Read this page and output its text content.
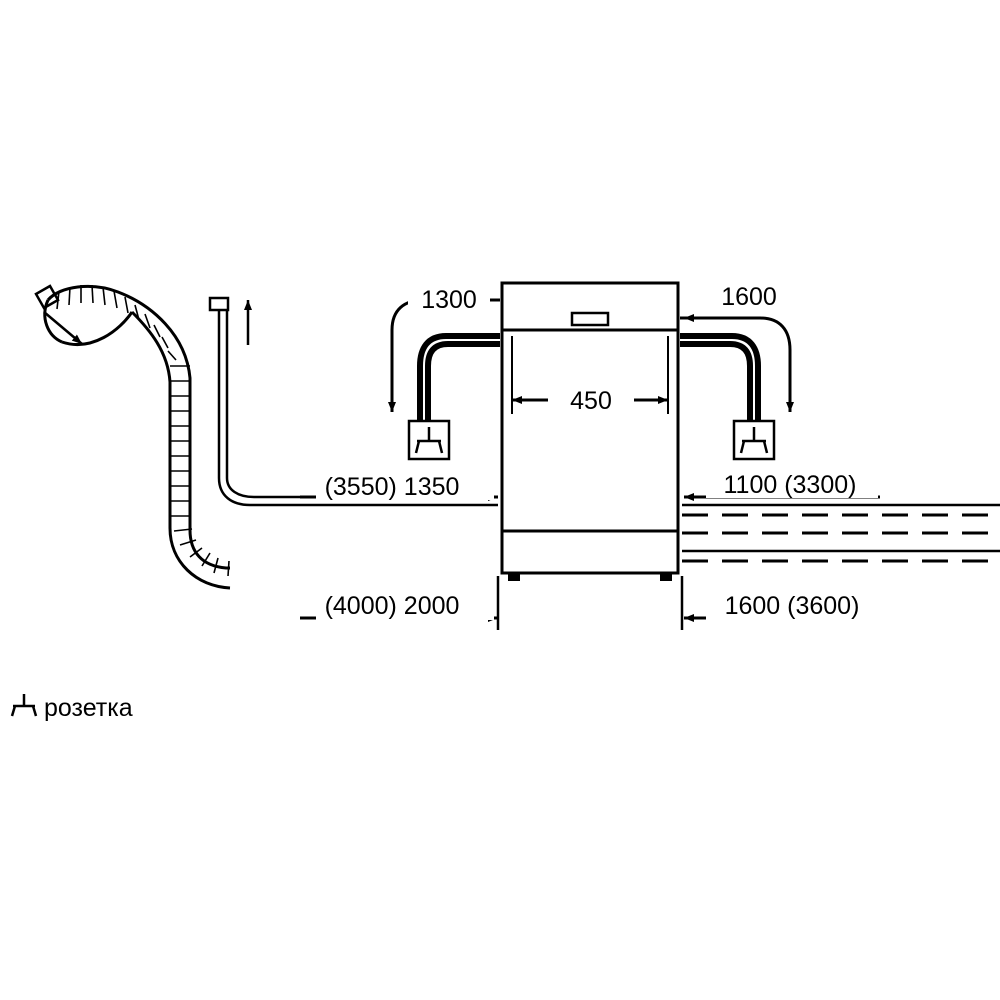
450
1300	1600
(3550) 1350	1100 (3300)
(4000) 2000	1600 (3600)
розетка
